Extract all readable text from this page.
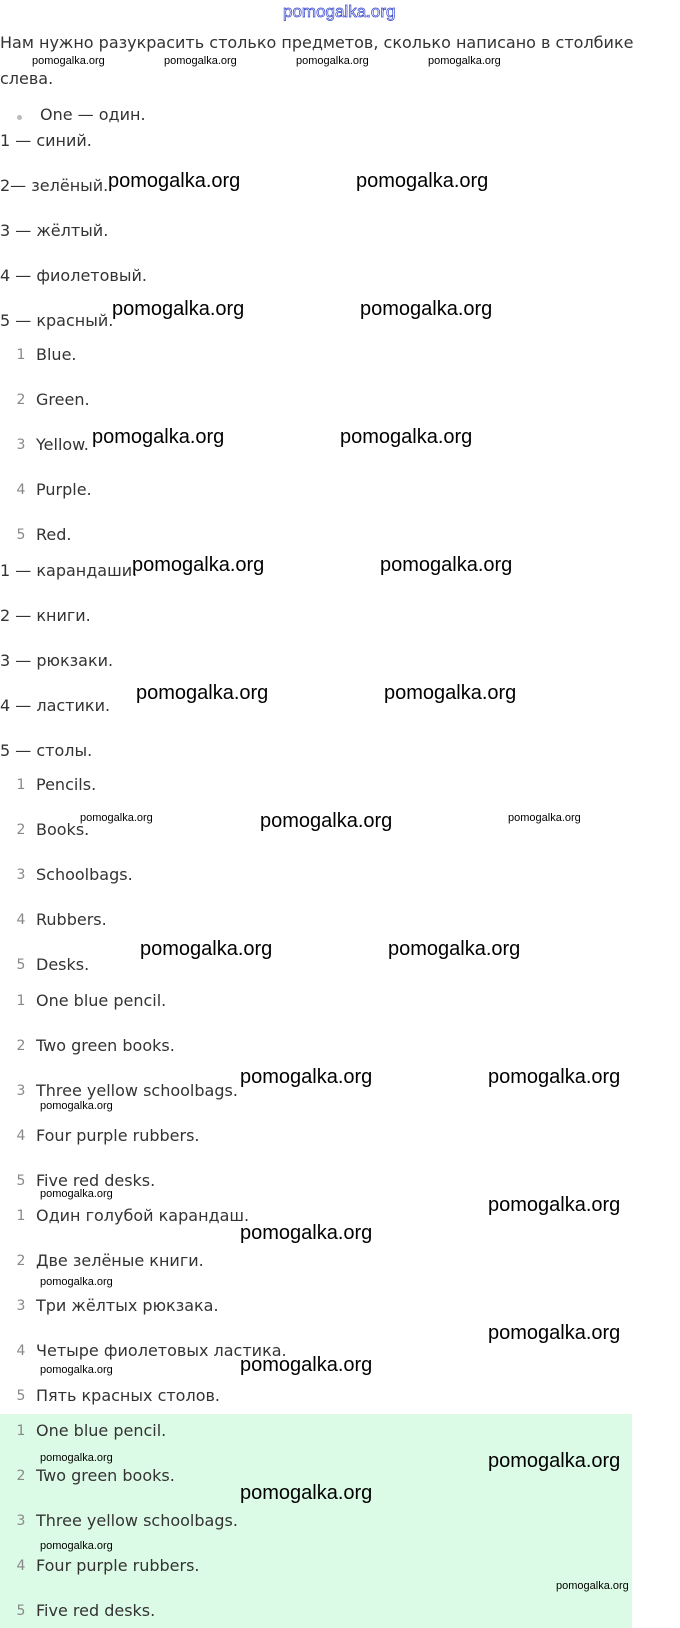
pomogalka.org
Нам нужно разукрасить столько предметов, сколько написано в столбике
слева.
One — один.
1 — синий.
2— зелёный.
3 — жёлтый.
4 — фиолетовый.
5 — красный.
1 Blue.
2 Green.
3 Yellow.
4 Purple.
5 Red.
1 — карандаши.
2 — книги.
3 — рюкзаки.
4 — ластики.
5 — столы.
1 Pencils.
2 Books.
3 Schoolbags.
4 Rubbers.
5 Desks.
1 One blue pencil.
2 Two green books.
3 Three yellow schoolbags.
4 Four purple rubbers.
5 Five red desks.
1 Один голубой карандаш.
2 Две зелёные книги.
3 Три жёлтых рюкзака.
4 Четыре фиолетовых ластика.
5 Пять красных столов.
1 One blue pencil.
2 Two green books.
3 Three yellow schoolbags.
4 Four purple rubbers.
5 Five red desks.
pomogalka.org	pomogalka.org	pomogalka.org	pomogalka.org
pomogalka.org	pomogalka.org
pomogalka.org	pomogalka.org
pomogalka.org	pomogalka.org
pomogalka.org	pomogalka.org
pomogalka.org	pomogalka.org
pomogalka.org	pomogalka.org	pomogalka.org
pomogalka.org	pomogalka.org
pomogalka.org	pomogalka.org
pomogalka.org
pomogalka.org	pomogalka.org
pomogalka.org
pomogalka.org
pomogalka.org
pomogalka.org
pomogalka.org
pomogalka.org	pomogalka.org
pomogalka.org
pomogalka.org
pomogalka.org
